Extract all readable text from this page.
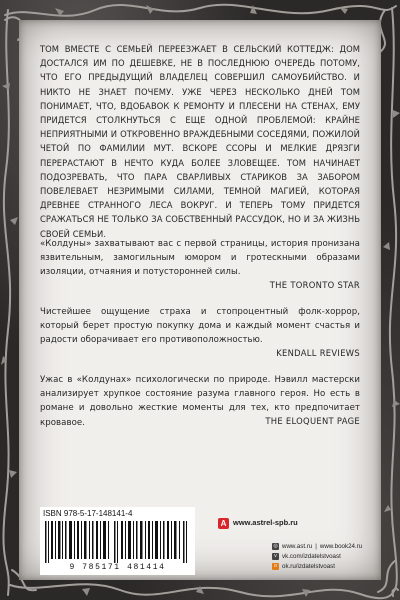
ТОМ ВМЕСТЕ С СЕМЬЕЙ ПЕРЕЕЗЖАЕТ В СЕЛЬСКИЙ КОТТЕДЖ: ДОМ ДОСТАЛСЯ ИМ ПО ДЕШЕВКЕ, НЕ В ПОСЛЕДНЮЮ ОЧЕРЕДЬ ПОТОМУ, ЧТО ЕГО ПРЕДЫДУЩИЙ ВЛАДЕЛЕЦ СОВЕРШИЛ САМОУБИЙСТВО. И НИКТО НЕ ЗНАЕТ ПОЧЕМУ. УЖЕ ЧЕРЕЗ НЕСКОЛЬКО ДНЕЙ ТОМ ПОНИМАЕТ, ЧТО, ВДОБАВОК К РЕМОНТУ И ПЛЕСЕНИ НА СТЕНАХ, ЕМУ ПРИДЕТСЯ СТОЛКНУТЬСЯ С ЕЩЕ ОДНОЙ ПРОБЛЕМОЙ: КРАЙНЕ НЕПРИЯТНЫМИ И ОТКРОВЕННО ВРАЖДЕБНЫМИ СОСЕДЯМИ, ПОЖИЛОЙ ЧЕТОЙ ПО ФАМИЛИИ МУТ. ВСКОРЕ ССОРЫ И МЕЛКИЕ ДРЯЗГИ ПЕРЕРАСТАЮТ В НЕЧТО КУДА БОЛЕЕ ЗЛОВЕЩЕЕ. ТОМ НАЧИНАЕТ ПОДОЗРЕВАТЬ, ЧТО ПАРА СВАРЛИВЫХ СТАРИКОВ ЗА ЗАБОРОМ ПОВЕЛЕВАЕТ НЕЗРИМЫМИ СИЛАМИ, ТЕМНОЙ МАГИЕЙ, КОТОРАЯ ДРЕВНЕЕ СТРАННОГО ЛЕСА ВОКРУГ. И ТЕПЕРЬ ТОМУ ПРИДЕТСЯ СРАЖАТЬСЯ НЕ ТОЛЬКО ЗА СОБСТВЕННЫЙ РАССУДОК, НО И ЗА ЖИЗНЬ СВОЕЙ СЕМЬИ.
«Колдуны» захватывают вас с первой страницы, история пронизана язвительным, замогильным юмором и гротескными образами изоляции, отчаяния и потусторонней силы.
THE TORONTO STAR
Чистейшее ощущение страха и стопроцентный фолк-хоррор, который берет простую покупку дома и каждый момент счастья и радости оборачивает его противоположностью.
KENDALL REVIEWS
Ужас в «Колдунах» психологически по природе. Нэвилл мастерски анализирует хрупкое состояние разума главного героя. Но есть в романе и довольно жесткие моменты для тех, кто предпочитает кровавое.	THE ELOQUENT PAGE
ISBN 978-5-17-148141-4
9 785171 481414
A www.astrel-spb.ru
◎ www.ast.ru | www.book24.ru
v vk.com/izdatelstvoast
o ok.ru/izdatelstvoast
